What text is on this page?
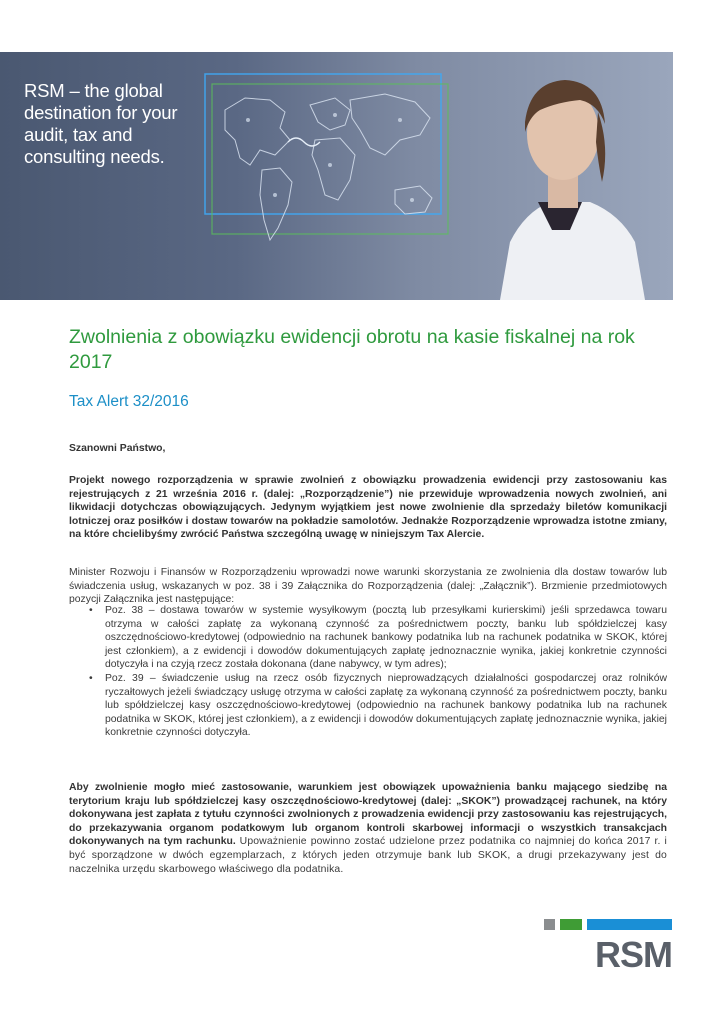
RSM – the global destination for your audit, tax and consulting needs.
Zwolnienia z obowiązku ewidencji obrotu na kasie fiskalnej na rok 2017
Tax Alert 32/2016
Szanowni Państwo,
Projekt nowego rozporządzenia w sprawie zwolnień z obowiązku prowadzenia ewidencji przy zastosowaniu kas rejestrujących z 21 września 2016 r. (dalej: „Rozporządzenie”) nie przewiduje wprowadzenia nowych zwolnień, ani likwidacji dotychczas obowiązujących. Jedynym wyjątkiem jest nowe zwolnienie dla sprzedaży biletów komunikacji lotniczej oraz posiłków i dostaw towarów na pokładzie samolotów. Jednakże Rozporządzenie wprowadza istotne zmiany, na które chcielibyśmy zwrócić Państwa szczególną uwagę w niniejszym Tax Alercie.
Minister Rozwoju i Finansów w Rozporządzeniu wprowadzi nowe warunki skorzystania ze zwolnienia dla dostaw towarów lub świadczenia usług, wskazanych w poz. 38 i 39 Załącznika do Rozporządzenia (dalej: „Załącznik”). Brzmienie przedmiotowych pozycji Załącznika jest następujące:
• Poz. 38 – dostawa towarów w systemie wysyłkowym (pocztą lub przesyłkami kurierskimi) jeśli sprzedawca towaru otrzyma w całości zapłatę za wykonaną czynność za pośrednictwem poczty, banku lub spółdzielczej kasy oszczędnościowo-kredytowej (odpowiednio na rachunek bankowy podatnika lub na rachunek podatnika w SKOK, której jest członkiem), a z ewidencji i dowodów dokumentujących zapłatę jednoznacznie wynika, jakiej konkretnie czynności dotyczyła i na czyją rzecz została dokonana (dane nabywcy, w tym adres);
• Poz. 39 – świadczenie usług na rzecz osób fizycznych nieprowadzących działalności gospodarczej oraz rolników ryczałtowych jeżeli świadczący usługę otrzyma w całości zapłatę za wykonaną czynność za pośrednictwem poczty, banku lub spółdzielczej kasy oszczędnościowo-kredytowej (odpowiednio na rachunek bankowy podatnika lub na rachunek podatnika w SKOK, której jest członkiem), a z ewidencji i dowodów dokumentujących zapłatę jednoznacznie wynika, jakiej konkretnie czynności dotyczyła.
Aby zwolnienie mogło mieć zastosowanie, warunkiem jest obowiązek upoważnienia banku mającego siedzibę na terytorium kraju lub spółdzielczej kasy oszczędnościowo-kredytowej (dalej: „SKOK”) prowadzącej rachunek, na który dokonywana jest zapłata z tytułu czynności zwolnionych z prowadzenia ewidencji przy zastosowaniu kas rejestrujących, do przekazywania organom podatkowym lub organom kontroli skarbowej informacji o wszystkich transakcjach dokonywanych na tym rachunku. Upoważnienie powinno zostać udzielone przez podatnika co najmniej do końca 2017 r. i być sporządzone w dwóch egzemplarzach, z których jeden otrzymuje bank lub SKOK, a drugi przekazywany jest do naczelnika urzędu skarbowego właściwego dla podatnika.
RSM
